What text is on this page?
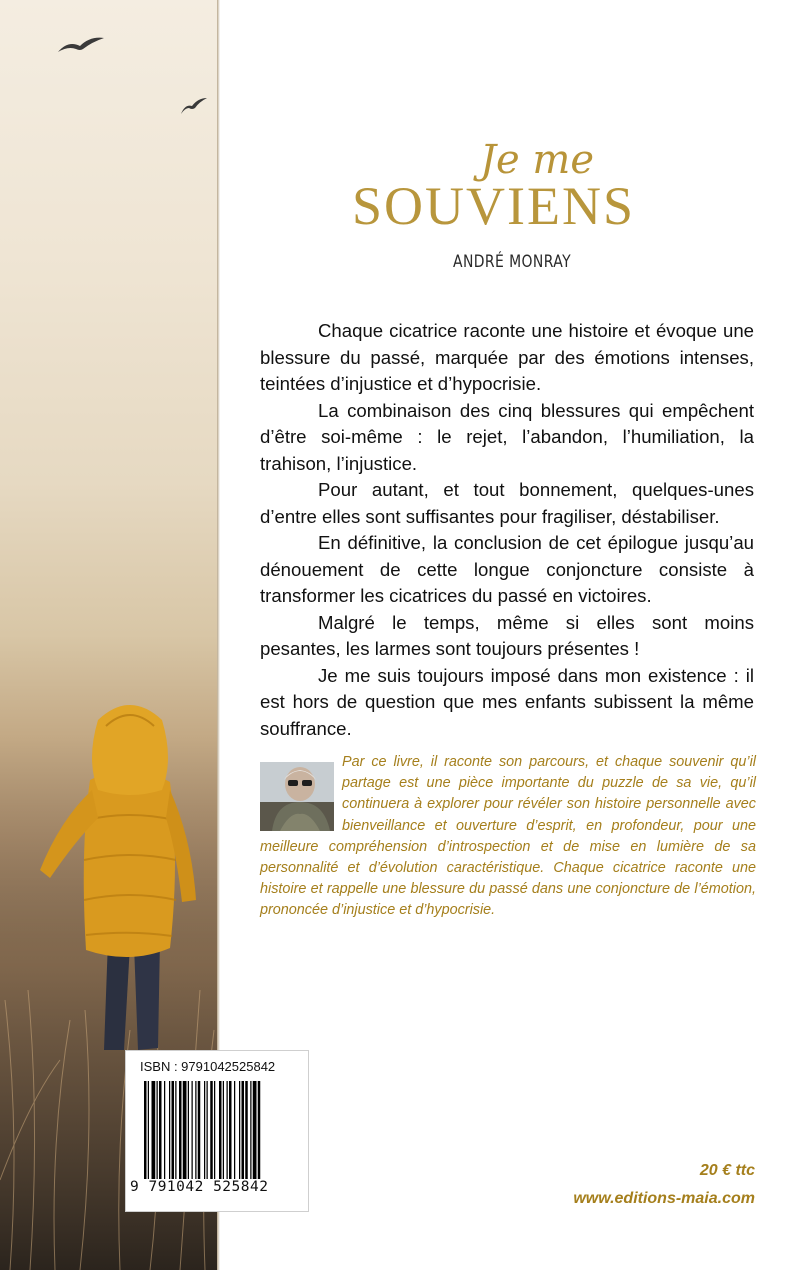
Je me
SOUVIENS
ANDRÉ MONRAY

Chaque cicatrice raconte une histoire et évoque une blessure du passé, marquée par des émotions intenses, teintées d’injustice et d’hypocrisie.

La combinaison des cinq blessures qui empêchent d’être soi-même : le rejet, l’abandon, l’humiliation, la trahison, l’injustice.

Pour autant, et tout bonnement, quelques-unes d’entre elles sont suffisantes pour fragiliser, déstabiliser.

En définitive, la conclusion de cet épilogue jusqu’au dénouement de cette longue conjoncture consiste à transformer les cicatrices du passé en victoires.

Malgré le temps, même si elles sont moins pesantes, les larmes sont toujours présentes !

Je me suis toujours imposé dans mon existence : il est hors de question que mes enfants subissent la même souffrance.

Par ce livre, il raconte son parcours, et chaque souvenir qu’il partage est une pièce importante du puzzle de sa vie, qu’il continuera à explorer pour révéler son histoire personnelle avec bienveillance et ouverture d’esprit, en profondeur, pour une meilleure compréhension d’introspection et de mise en lumière de sa personnalité et d’évolution caractéristique. Chaque cicatrice raconte une histoire et rappelle une blessure du passé dans une conjoncture de l’émotion, prononcée d’injustice et d’hypocrisie.
ISBN : 9791042525842
9 791042 525842
20 € ttc
www.editions-maia.com
